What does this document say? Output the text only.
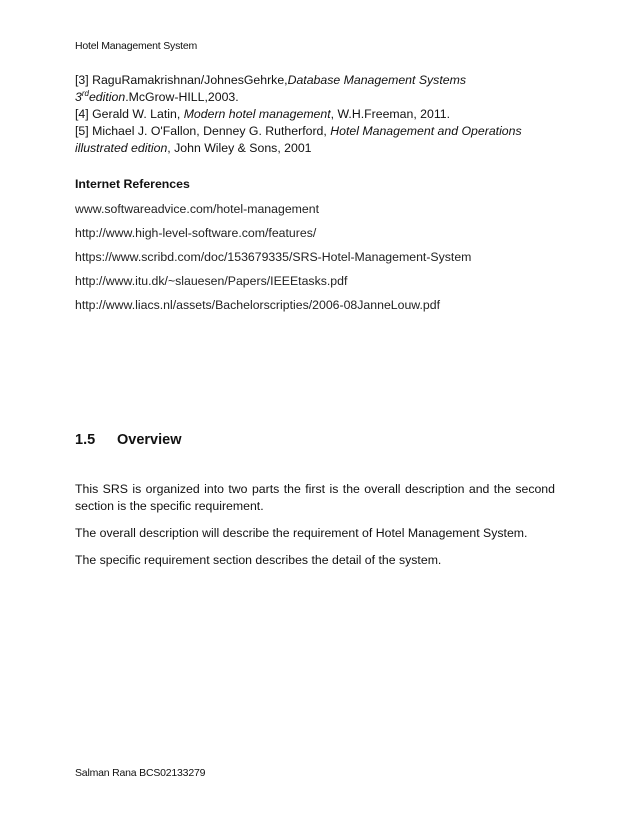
Hotel Management System
[3] RaguRamakrishnan/JohnesGehrke,Database Management Systems
3rdedition.McGrow-HILL,2003.
[4] Gerald W. Latin, Modern hotel management, W.H.Freeman, 2011.
[5] Michael J. O'Fallon, Denney G. Rutherford, Hotel Management and Operations
illustrated edition, John Wiley & Sons, 2001
Internet References
www.softwareadvice.com/hotel-management
http://www.high-level-software.com/features/
https://www.scribd.com/doc/153679335/SRS-Hotel-Management-System
http://www.itu.dk/~slauesen/Papers/IEEEtasks.pdf
http://www.liacs.nl/assets/Bachelorscripties/2006-08JanneLouw.pdf
1.5 Overview

This SRS is organized into two parts the first is the overall description and the second section is the specific requirement.

The overall description will describe the requirement of Hotel Management System.

The specific requirement section describes the detail of the system.

Salman Rana BCS02133279
